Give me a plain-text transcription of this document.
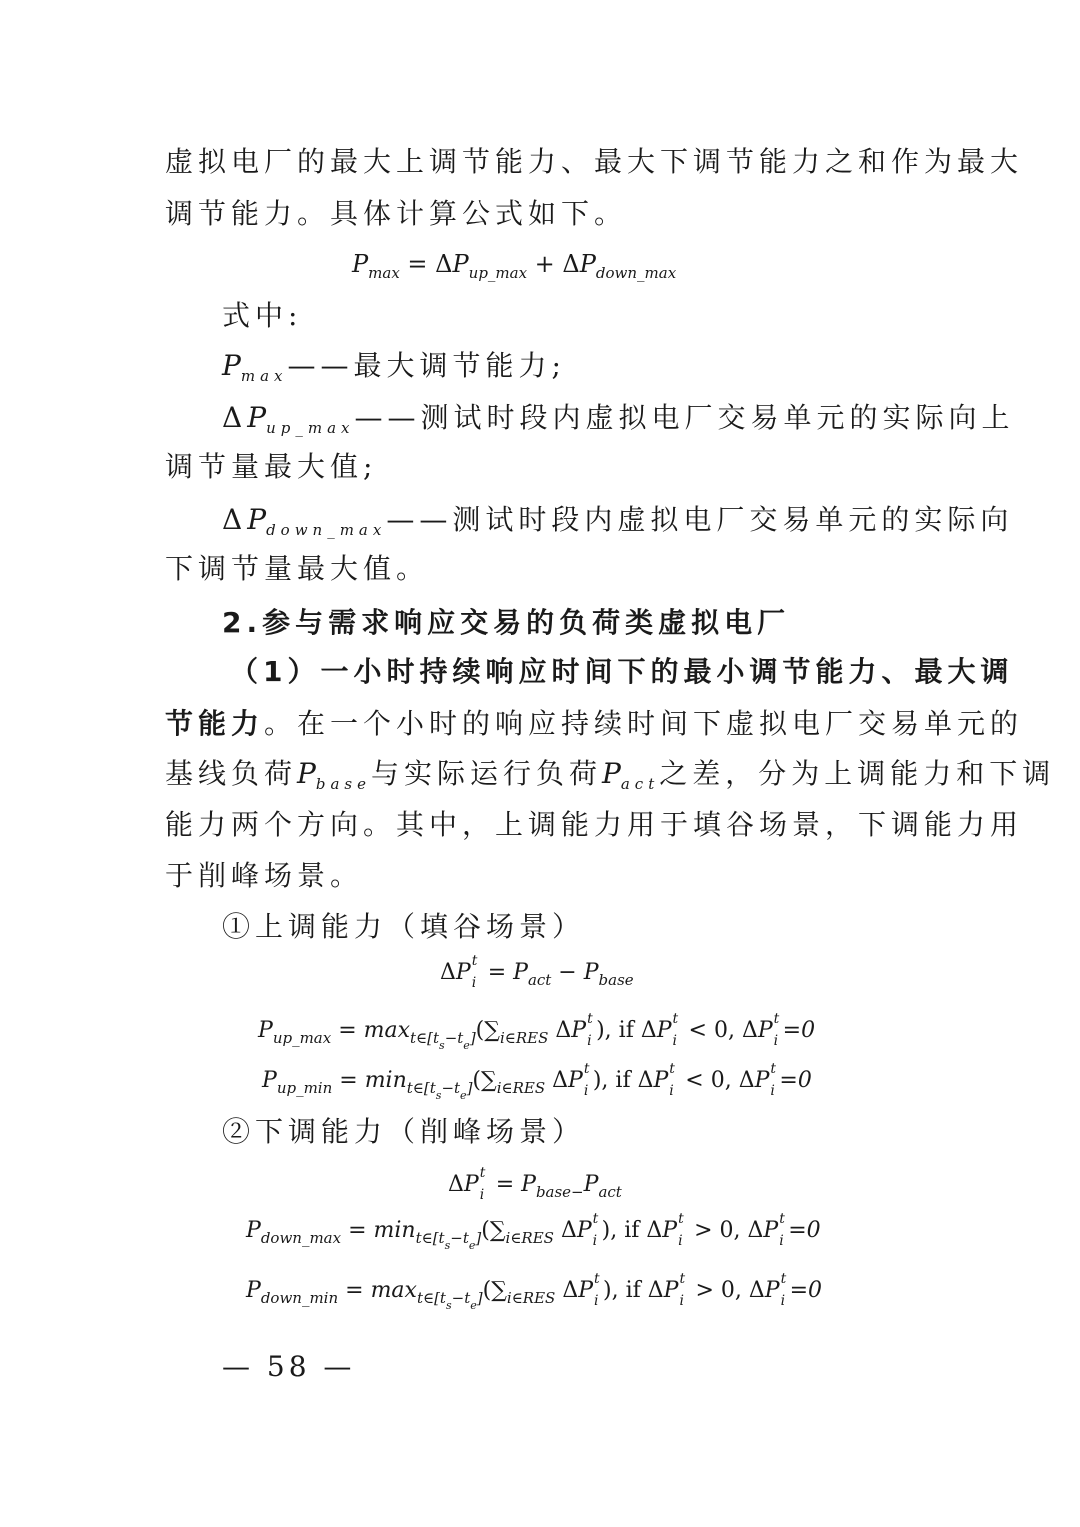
虚拟电厂的最大上调节能力、最大下调节能力之和作为最大
调节能力。具体计算公式如下。
$P_{max} = \Delta P_{up\_max} + \Delta P_{down\_max}$
式中:
$P_{max}——$最大调节能力;
$\Delta P_{up\_max}——$测试时段内虚拟电厂交易单元的实际向上
调节量最大值;
$\Delta P_{down\_max}——$测试时段内虚拟电厂交易单元的实际向
下调节量最大值。
2.参与需求响应交易的负荷类虚拟电厂
（1）一小时持续响应时间下的最小调节能力、最大调
节能力。在一个小时的响应持续时间下虚拟电厂交易单元的
基线负荷$P_{base}$与实际运行负荷$P_{act}$之差，分为上调能力和下调
能力两个方向。其中，上调能力用于填谷场景，下调能力用
于削峰场景。
①上调能力（填谷场景）
ΔP t
$i = P_{act} - P_{base}$
$P_{up\_max} = \max_{t\in[t_s-t_e]}(\sum_{i\in RES}$ ΔP t
i ), if ΔP t
i < 0, ΔP t
i =0
$P_{up\_min} = \min_{t\in[t_s-t_e]}(\sum_{i\in RES}$ ΔP t
i ), if ΔP t
i < 0, ΔP t
i =0
②下调能力（削峰场景）
ΔP t
$i = P_{base-}P_{act}$
$P_{down\_max} = \min_{t\in[t_s-t_e]}(\sum_{i\in RES}$ ΔP t
i ), if ΔP t
i > 0, ΔP t
i =0
$P_{down\_min} = \max_{t\in[t_s-t_e]}(\sum_{i\in RES}$ ΔP t
i ), if ΔP t
i > 0, ΔP t
i =0
— 58 —
